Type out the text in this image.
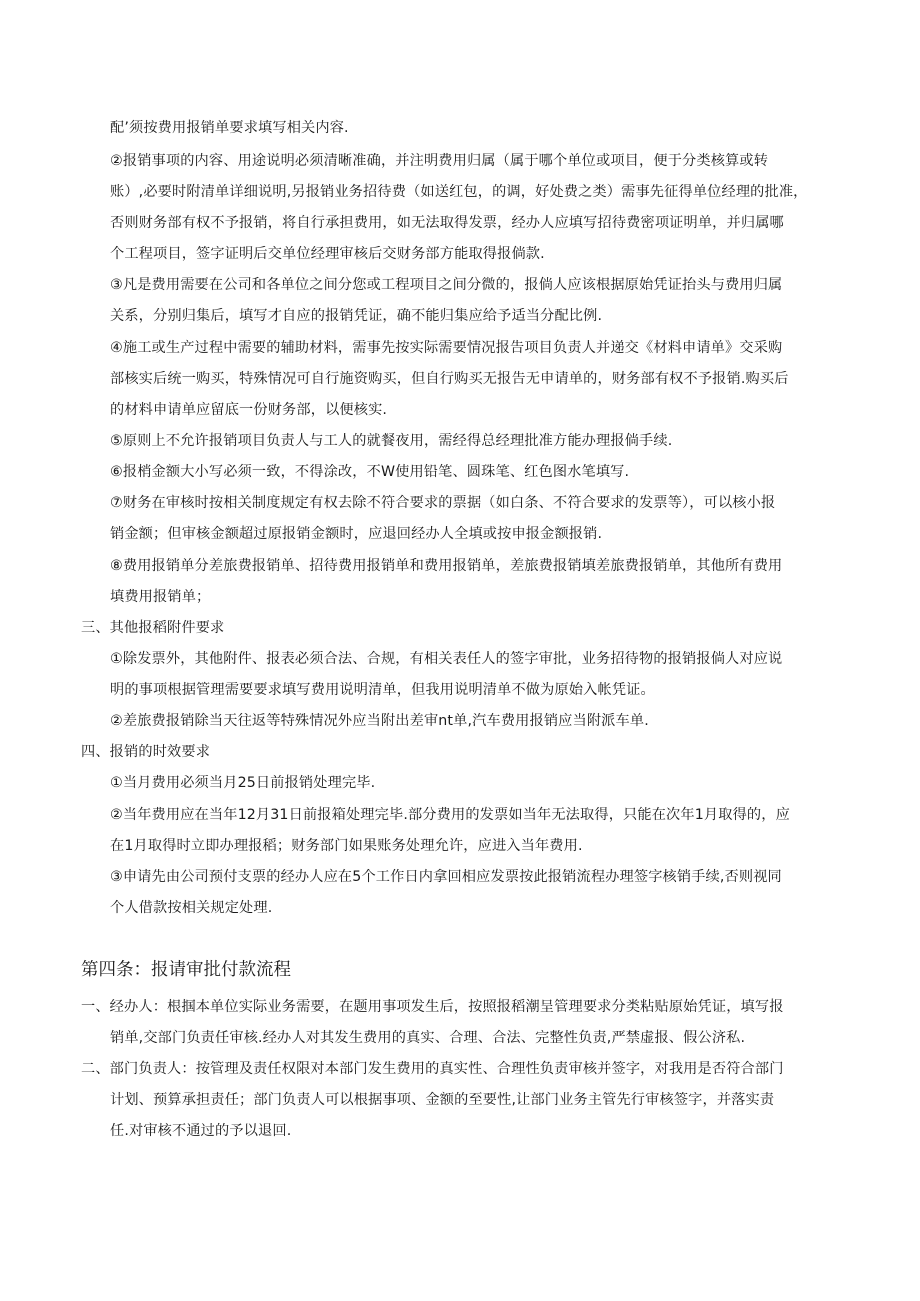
配’须按费用报销单要求填写相关内容.

②报销事项的内容、用途说明必须清晰准确，并注明费用归属（属于哪个单位或项目，便于分类核算或转

账）,必要时附清单详细说明,另报销业务招待费（如送红包，的调，好处费之类）需事先征得单位经理的批准，

否则财务部有权不予报销，将自行承担费用，如无法取得发票，经办人应填写招待费密项证明单，并归属哪

个工程项目，签字证明后交单位经理审核后交财务部方能取得报倘款.

③凡是费用需要在公司和各单位之间分您或工程项目之间分微的，报倘人应该根据原始凭证抬头与费用归属

关系，分别归集后，填写才自应的报销凭证，确不能归集应给予适当分配比例.

④施工或生产过程中需要的辅助材料，需事先按实际需要情况报告项目负责人并递交《材料申请单》交采购

部核实后统一购买，特殊情况可自行施资购买，但自行购买无报告无申请单的，财务部有权不予报销.购买后

的材料申请单应留底一份财务部，以便核实.

⑤原则上不允许报销项目负责人与工人的就餐夜用，需经得总经理批准方能办理报倘手续.

⑥报梢金额大小写必须一致，不得涂改，不W使用铅笔、圆珠笔、红色图水笔填写.

⑦财务在审核时按相关制度规定有权去除不符合要求的票据（如白条、不符合要求的发票等），可以核小报

销金额；但审核金额超过原报销金额时，应退回经办人全填或按申报金额报销.

⑧费用报销单分差旅费报销单、招待费用报销单和费用报销单，差旅费报销填差旅费报销单，其他所有费用

填费用报销单；

三、其他报稻附件要求

①除发票外，其他附件、报表必须合法、合规，有相关表任人的签字审批，业务招待物的报销报倘人对应说

明的事项根据管理需要要求填写费用说明清单，但我用说明清单不做为原始入帐凭证。

②差旅费报销除当天往返等特殊情况外应当附出差审nt单,汽车费用报销应当附派车单.

四、报销的时效要求

①当月费用必须当月25日前报销处理完毕.

②当年费用应在当年12月31日前报箱处理完毕.部分费用的发票如当年无法取得，只能在次年1月取得的，应

在1月取得时立即办理报稻；财务部门如果账务处理允许，应进入当年费用.

③申请先由公司预付支票的经办人应在5个工作日内拿回相应发票按此报销流程办理签字核销手续,否则视同

个人借款按相关规定处理.

第四条：报请审批付款流程

一、经办人：根掴本单位实际业务需要，在题用事项发生后，按照报稻潮呈管理要求分类粘贴原始凭证，填写报

销单,交部门负责任审核.经办人对其发生费用的真实、合理、合法、完整性负责,严禁虚报、假公济私.

二、部门负责人：按管理及责任权限对本部门发生费用的真实性、合理性负责审核并签字，对我用是否符合部门

计划、预算承担责任；部门负责人可以根据事项、金额的至要性,让部门业务主管先行审核签字，并落实责

任.对审核不通过的予以退回.
